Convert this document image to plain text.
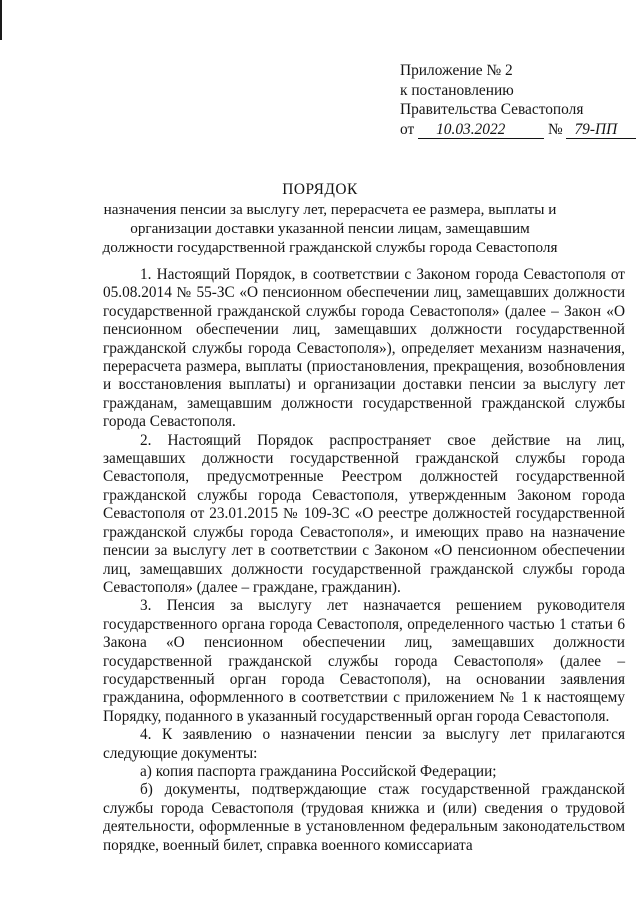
Приложение № 2
к постановлению
Правительства Севастополя
от 10.03.2022	№ 79-ПП
ПОРЯДОК
назначения пенсии за выслугу лет, перерасчета ее размера, выплаты и организации доставки указанной пенсии лицам, замещавшим должности государственной гражданской службы города Севастополя

1. Настоящий Порядок, в соответствии с Законом города Севастополя от 05.08.2014 № 55-ЗС «О пенсионном обеспечении лиц, замещавших должности государственной гражданской службы города Севастополя» (далее – Закон «О пенсионном обеспечении лиц, замещавших должности государственной гражданской службы города Севастополя»), определяет механизм назначения, перерасчета размера, выплаты (приостановления, прекращения, возобновления и восстановления выплаты) и организации доставки пенсии за выслугу лет гражданам, замещавшим должности государственной гражданской службы города Севастополя.

2. Настоящий Порядок распространяет свое действие на лиц, замещавших должности государственной гражданской службы города Севастополя, предусмотренные Реестром должностей государственной гражданской службы города Севастополя, утвержденным Законом города Севастополя от 23.01.2015 № 109-ЗС «О реестре должностей государственной гражданской службы города Севастополя», и имеющих право на назначение пенсии за выслугу лет в соответствии с Законом «О пенсионном обеспечении лиц, замещавших должности государственной гражданской службы города Севастополя» (далее – граждане, гражданин).

3. Пенсия за выслугу лет назначается решением руководителя государственного органа города Севастополя, определенного частью 1 статьи 6 Закона «О пенсионном обеспечении лиц, замещавших должности государственной гражданской службы города Севастополя» (далее – государственный орган города Севастополя), на основании заявления гражданина, оформленного в соответствии с приложением № 1 к настоящему Порядку, поданного в указанный государственный орган города Севастополя.

4. К заявлению о назначении пенсии за выслугу лет прилагаются следующие документы:

а) копия паспорта гражданина Российской Федерации;

б) документы, подтверждающие стаж государственной гражданской службы города Севастополя (трудовая книжка и (или) сведения о трудовой деятельности, оформленные в установленном федеральным законодательством порядке, военный билет, справка военного комиссариата
